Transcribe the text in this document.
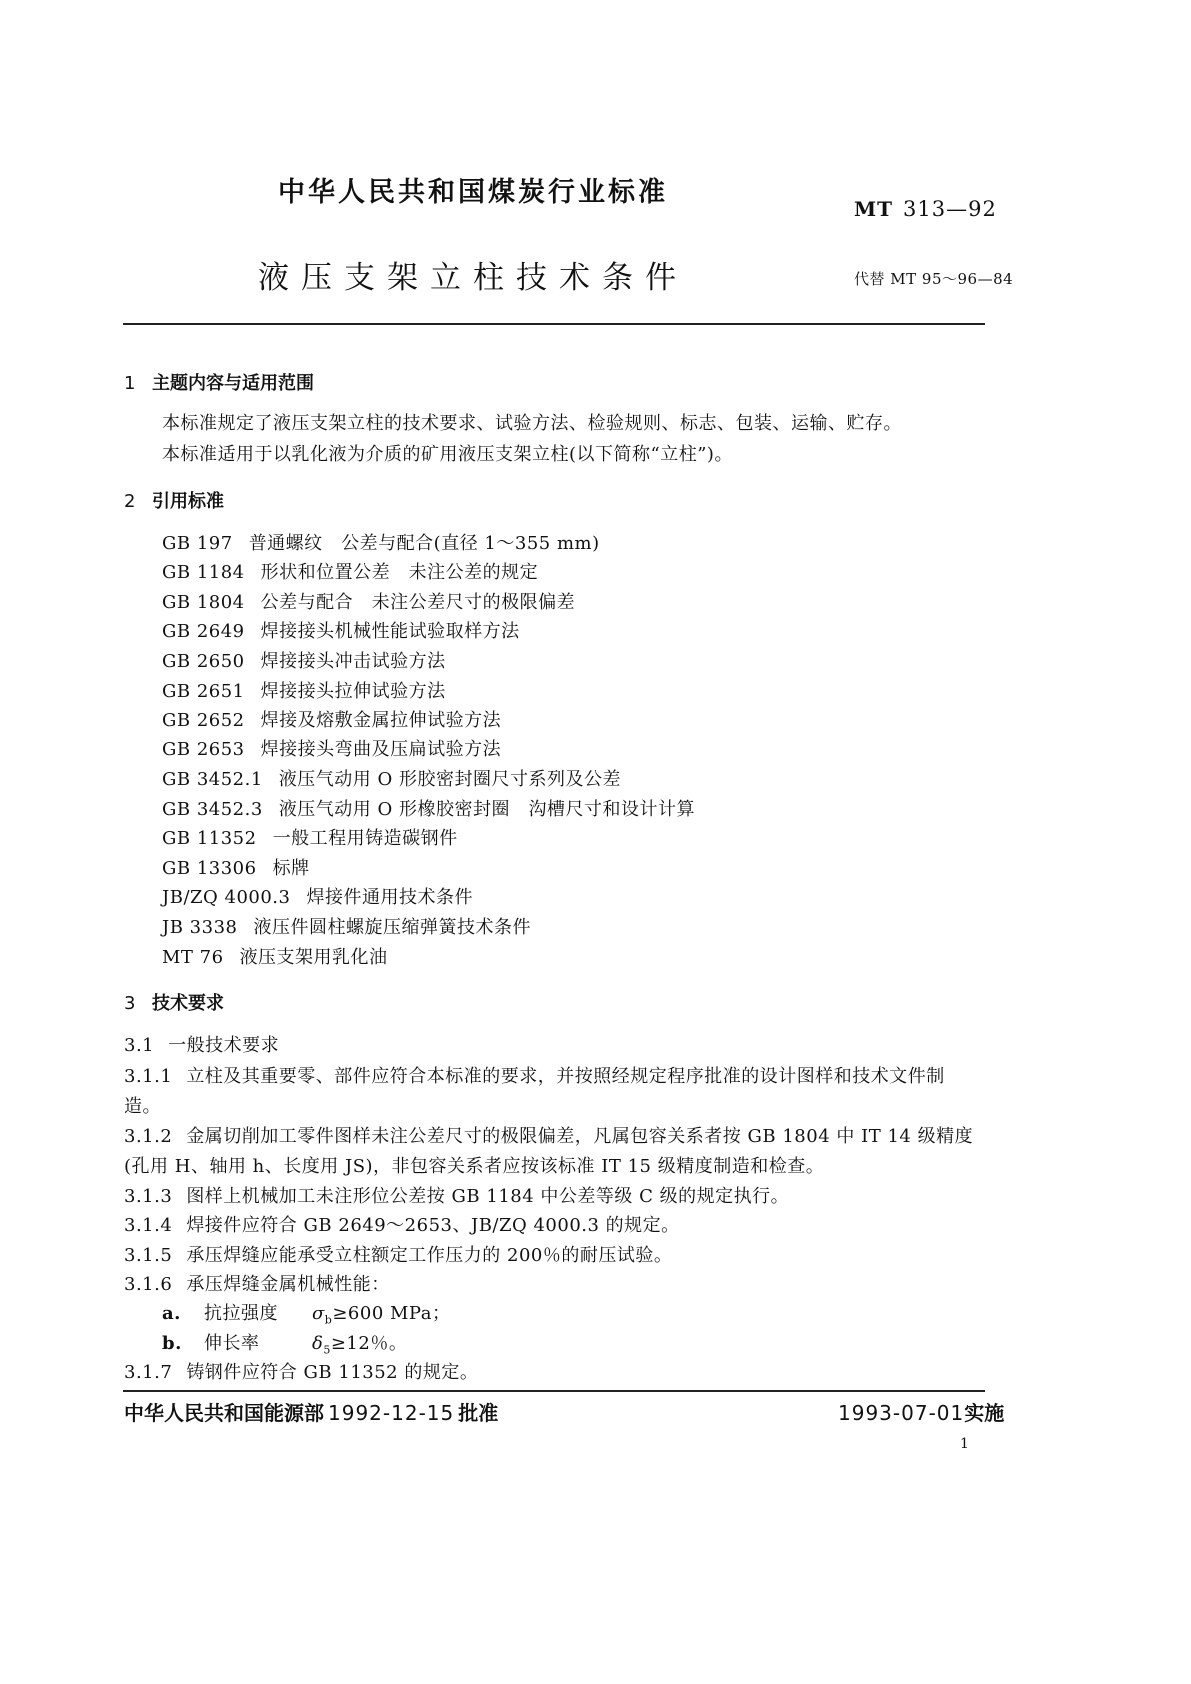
中华人民共和国煤炭行业标准
MT 313—92
液压支架立柱技术条件	代替 MT 95～96—84
1 主题内容与适用范围
本标准规定了液压支架立柱的技术要求、试验方法、检验规则、标志、包装、运输、贮存。
本标准适用于以乳化液为介质的矿用液压支架立柱(以下简称“立柱”)。
2 引用标准
GB 197 普通螺纹　公差与配合(直径 1～355 mm)
GB 1184 形状和位置公差　未注公差的规定
GB 1804 公差与配合　未注公差尺寸的极限偏差
GB 2649 焊接接头机械性能试验取样方法
GB 2650 焊接接头冲击试验方法
GB 2651 焊接接头拉伸试验方法
GB 2652 焊接及熔敷金属拉伸试验方法
GB 2653 焊接接头弯曲及压扁试验方法
GB 3452.1 液压气动用 O 形胶密封圈尺寸系列及公差
GB 3452.3 液压气动用 O 形橡胶密封圈　沟槽尺寸和设计计算
GB 11352 一般工程用铸造碳钢件
GB 13306 标牌
JB/ZQ 4000.3 焊接件通用技术条件
JB 3338 液压件圆柱螺旋压缩弹簧技术条件
MT 76 液压支架用乳化油
3 技术要求
3.1 一般技术要求
3.1.1 立柱及其重要零、部件应符合本标准的要求，并按照经规定程序批准的设计图样和技术文件制
造。
3.1.2 金属切削加工零件图样未注公差尺寸的极限偏差，凡属包容关系者按 GB 1804 中 IT 14 级精度
(孔用 H、轴用 h、长度用 JS)，非包容关系者应按该标准 IT 15 级精度制造和检查。
3.1.3 图样上机械加工未注形位公差按 GB 1184 中公差等级 C 级的规定执行。
3.1.4 焊接件应符合 GB 2649～2653、JB/ZQ 4000.3 的规定。
3.1.5 承压焊缝应能承受立柱额定工作压力的 200％的耐压试验。
3.1.6 承压焊缝金属机械性能：
a. 抗拉强度 $\sigma_b\ge 600$ MPa；
b. 伸长率	$\delta_5\ge 12$％。
3.1.7 铸钢件应符合 GB 11352 的规定。
中华人民共和国能源部 1992-12-15 批准	1993-07-01实施
1
